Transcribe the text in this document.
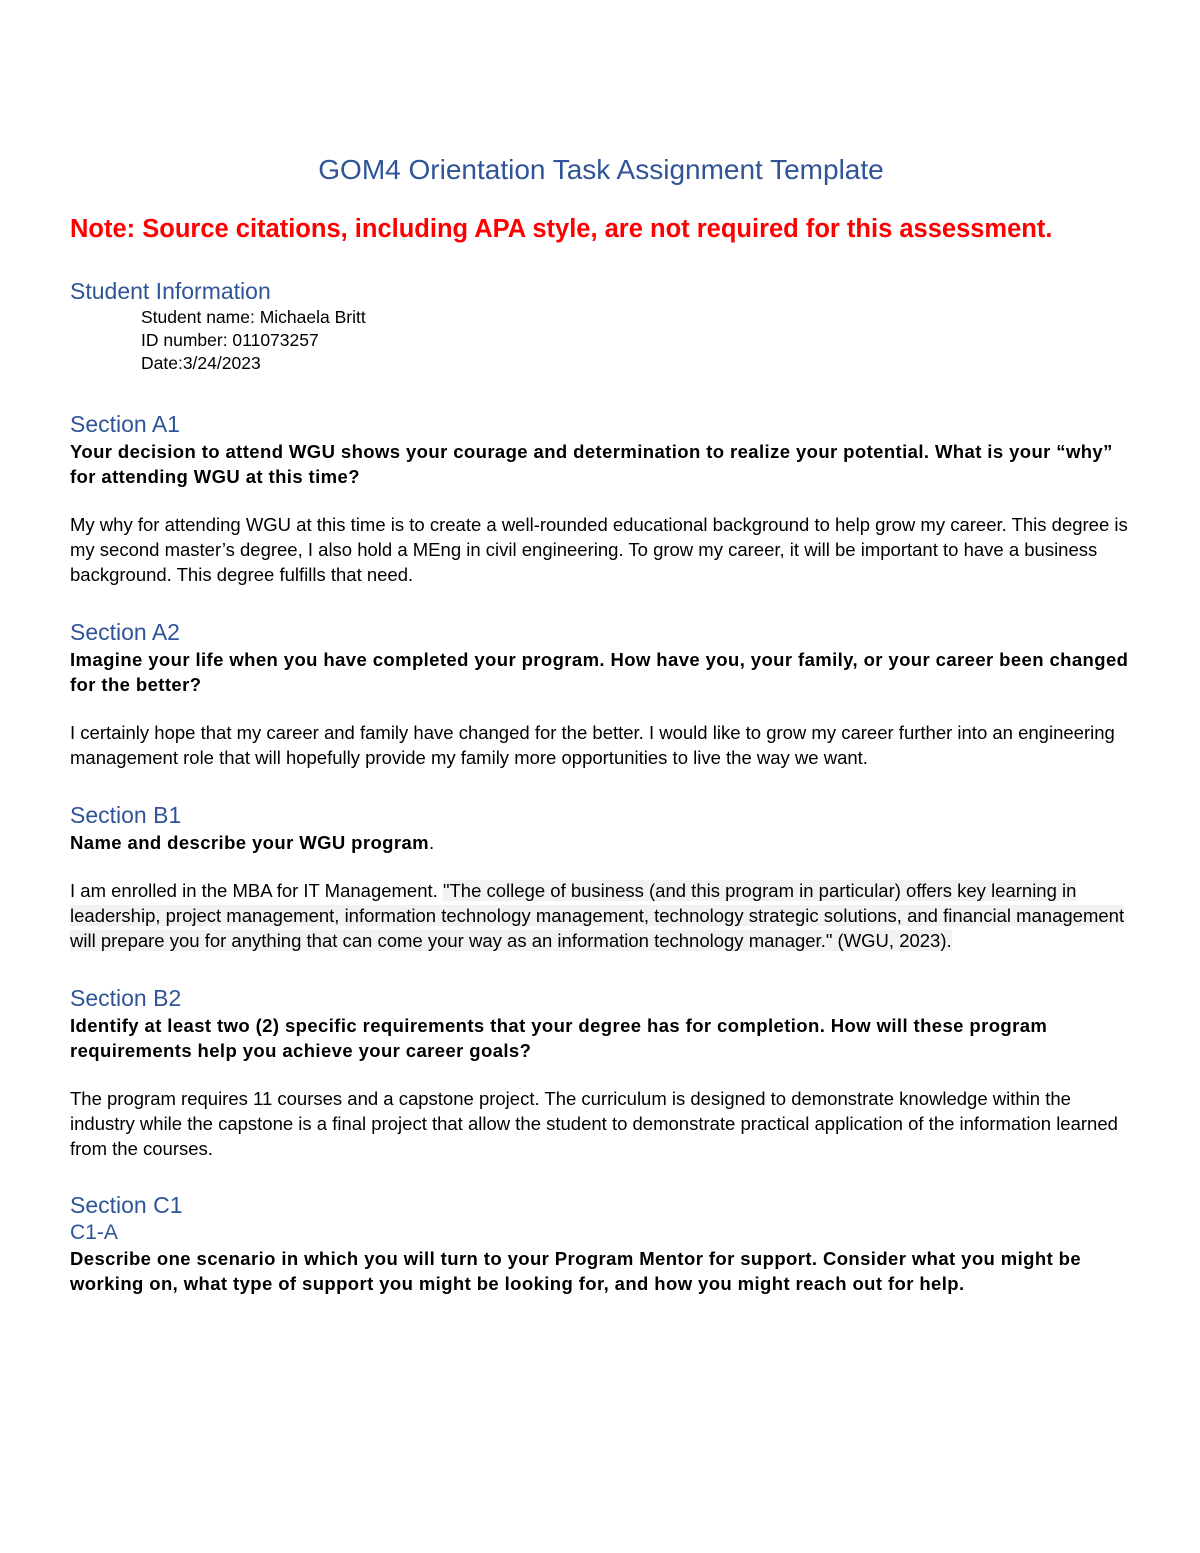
GOM4 Orientation Task Assignment Template

Note: Source citations, including APA style, are not required for this assessment.

Student Information
Student name: Michaela Britt
ID number: 011073257
Date:3/24/2023
Section A1

Your decision to attend WGU shows your courage and determination to realize your potential. What is your “why” for attending WGU at this time?

My why for attending WGU at this time is to create a well-rounded educational background to help grow my career. This degree is my second master’s degree, I also hold a MEng in civil engineering. To grow my career, it will be important to have a business background. This degree fulfills that need.

Section A2

Imagine your life when you have completed your program. How have you, your family, or your career been changed for the better?

I certainly hope that my career and family have changed for the better. I would like to grow my career further into an engineering management role that will hopefully provide my family more opportunities to live the way we want.

Section B1

Name and describe your WGU program.

I am enrolled in the MBA for IT Management. "The college of business (and this program in particular) offers key learning in leadership, project management, information technology management, technology strategic solutions, and financial management will prepare you for anything that can come your way as an information technology manager." (WGU, 2023).

Section B2

Identify at least two (2) specific requirements that your degree has for completion. How will these program requirements help you achieve your career goals?

The program requires 11 courses and a capstone project. The curriculum is designed to demonstrate knowledge within the industry while the capstone is a final project that allow the student to demonstrate practical application of the information learned from the courses.

Section C1
C1-A

Describe one scenario in which you will turn to your Program Mentor for support. Consider what you might be working on, what type of support you might be looking for, and how you might reach out for help.
